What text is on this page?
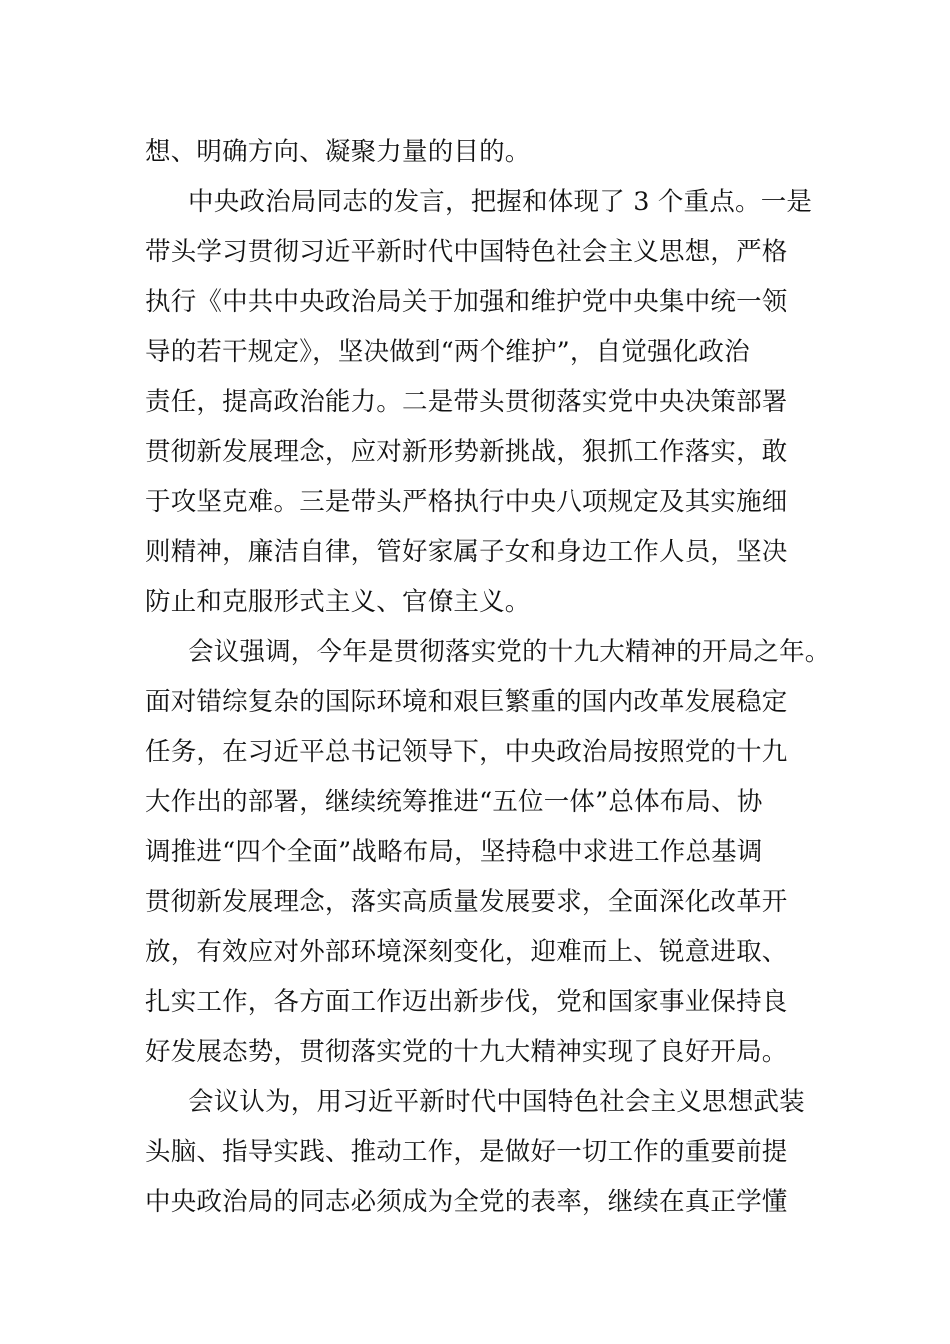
想、明确方向、凝聚力量的目的。
中央政治局同志的发言，把握和体现了 3 个重点。一是
带头学习贯彻习近平新时代中国特色社会主义思想，严格
执行《中共中央政治局关于加强和维护党中央集中统一领
导的若干规定》，坚决做到“两个维护”，自觉强化政治
责任，提高政治能力。二是带头贯彻落实党中央决策部署
贯彻新发展理念，应对新形势新挑战，狠抓工作落实，敢
于攻坚克难。三是带头严格执行中央八项规定及其实施细
则精神，廉洁自律，管好家属子女和身边工作人员，坚决
防止和克服形式主义、官僚主义。
会议强调，今年是贯彻落实党的十九大精神的开局之年。
面对错综复杂的国际环境和艰巨繁重的国内改革发展稳定
任务，在习近平总书记领导下，中央政治局按照党的十九
大作出的部署，继续统筹推进“五位一体”总体布局、协
调推进“四个全面”战略布局，坚持稳中求进工作总基调
贯彻新发展理念，落实高质量发展要求，全面深化改革开
放，有效应对外部环境深刻变化，迎难而上、锐意进取、
扎实工作，各方面工作迈出新步伐，党和国家事业保持良
好发展态势，贯彻落实党的十九大精神实现了良好开局。
会议认为，用习近平新时代中国特色社会主义思想武装
头脑、指导实践、推动工作，是做好一切工作的重要前提
中央政治局的同志必须成为全党的表率，继续在真正学懂
